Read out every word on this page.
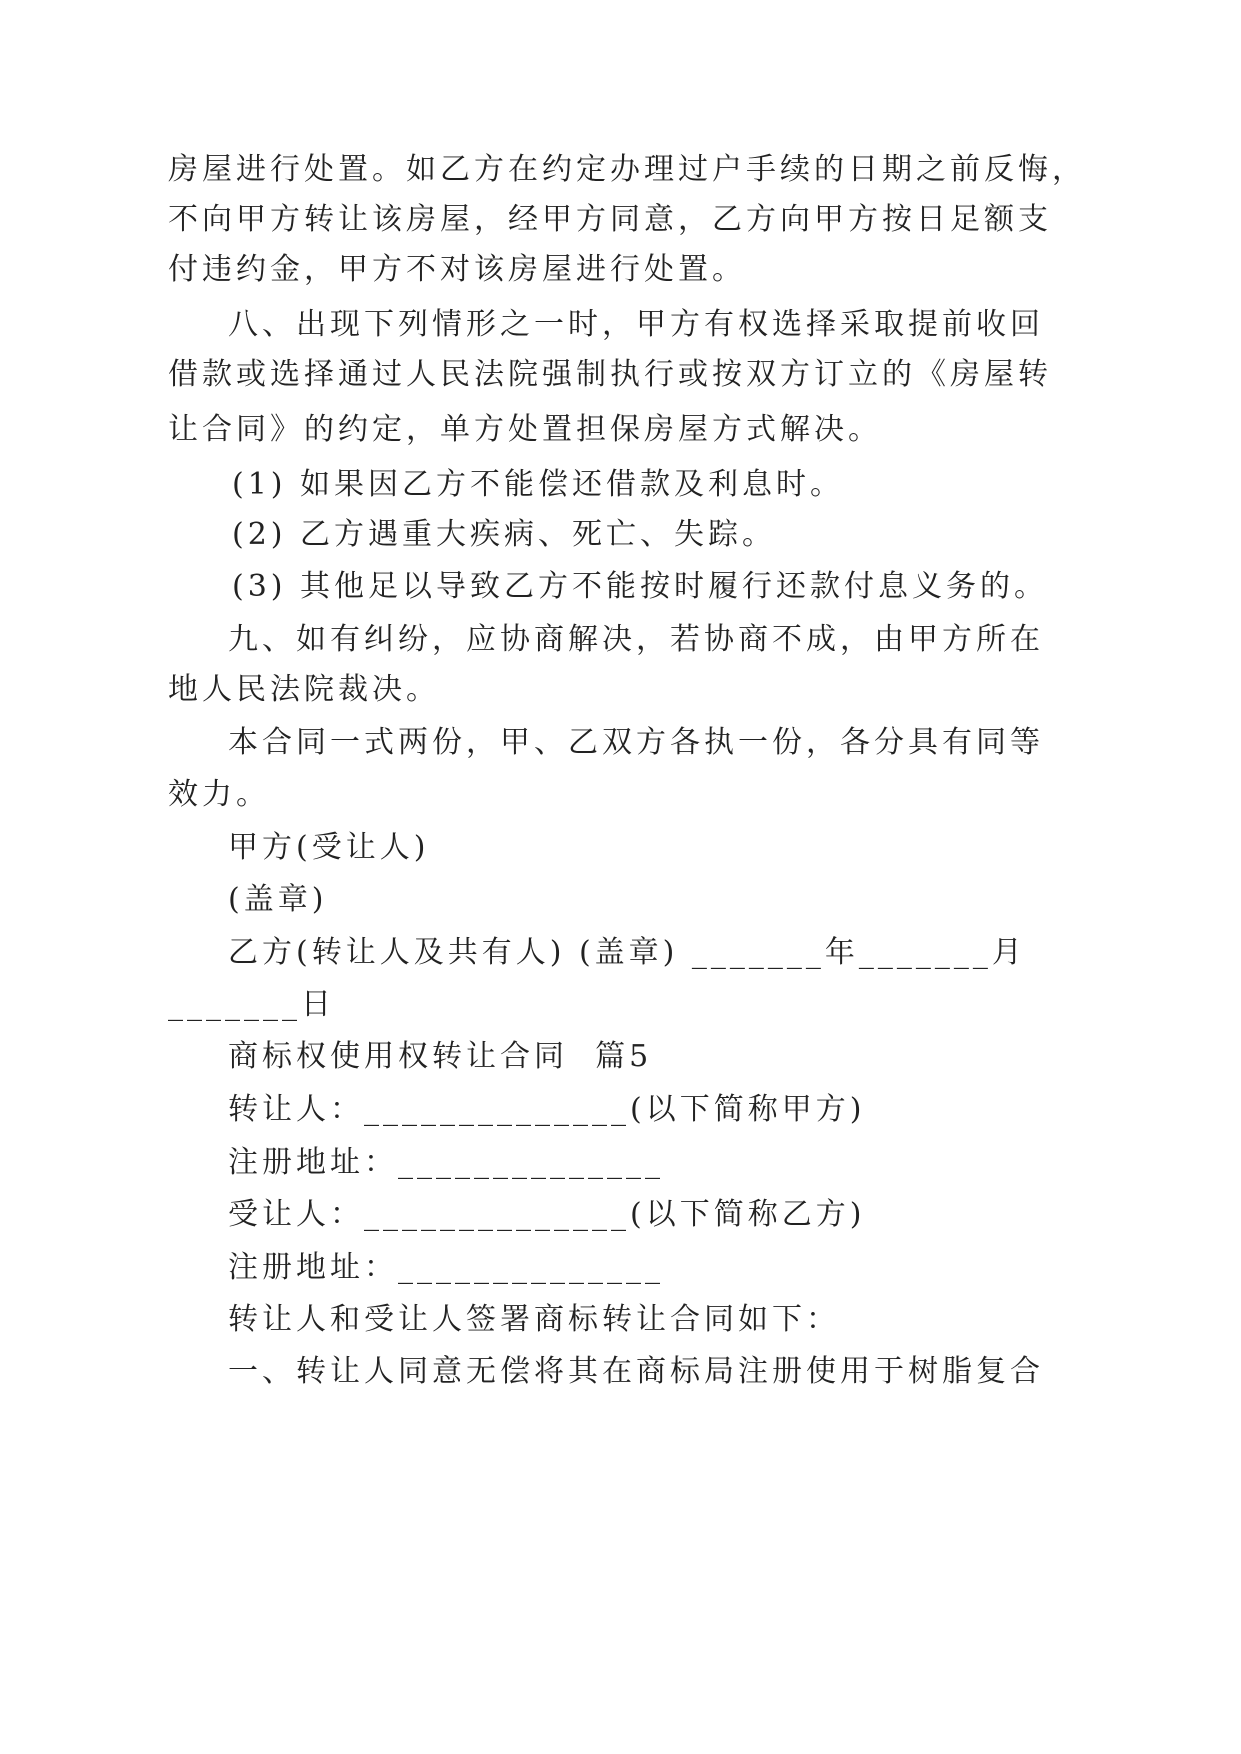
房屋进行处置。如乙方在约定办理过户手续的日期之前反悔，
不向甲方转让该房屋，经甲方同意，乙方向甲方按日足额支
付违约金，甲方不对该房屋进行处置。
八、出现下列情形之一时，甲方有权选择采取提前收回
借款或选择通过人民法院强制执行或按双方订立的《房屋转
让合同》的约定，单方处置担保房屋方式解决。
(1) 如果因乙方不能偿还借款及利息时。
(2) 乙方遇重大疾病、死亡、失踪。
(3) 其他足以导致乙方不能按时履行还款付息义务的。
九、如有纠纷，应协商解决，若协商不成，由甲方所在
地人民法院裁决。
本合同一式两份，甲、乙双方各执一份，各分具有同等
效力。
甲方(受让人)
(盖章)
乙方(转让人及共有人) (盖章) _______年_______月
_______日
商标权使用权转让合同  篇5
转让人：______________(以下简称甲方)
注册地址：______________
受让人：______________(以下简称乙方)
注册地址：______________
转让人和受让人签署商标转让合同如下：
一、转让人同意无偿将其在商标局注册使用于树脂复合
